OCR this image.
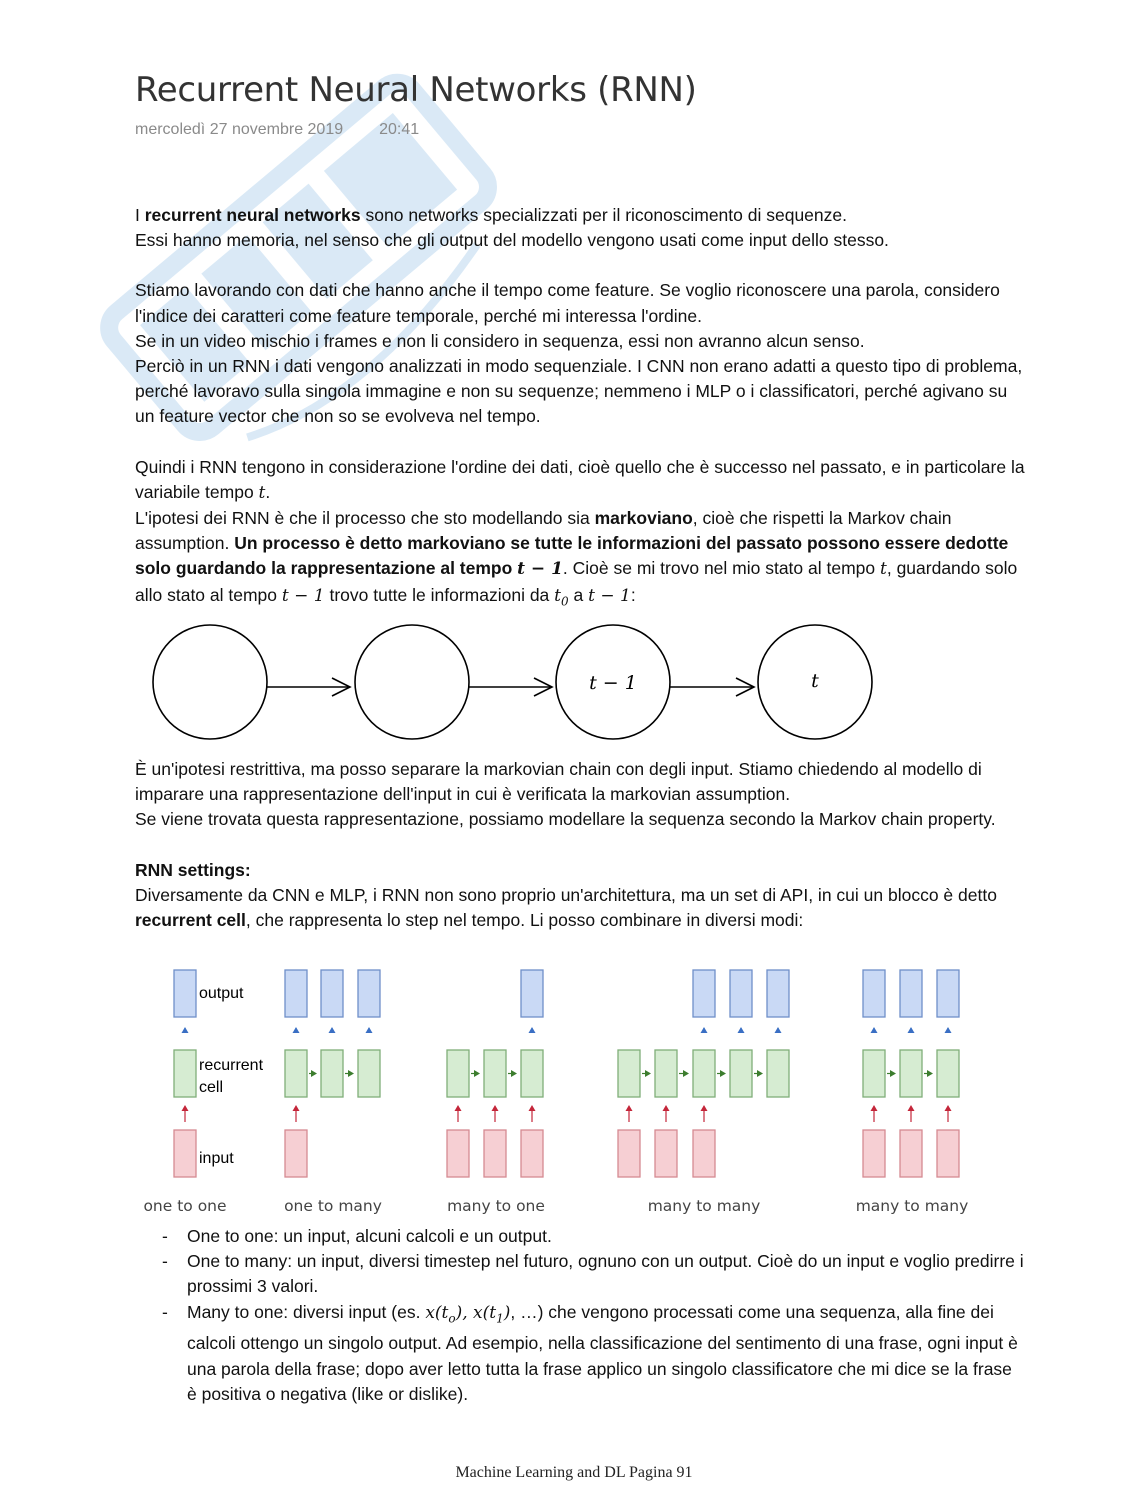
Recurrent Neural Networks (RNN)
mercoledì 27 novembre 2019 20:41

I recurrent neural networks sono networks specializzati per il riconoscimento di sequenze.

Essi hanno memoria, nel senso che gli output del modello vengono usati come input dello stesso.

Stiamo lavorando con dati che hanno anche il tempo come feature. Se voglio riconoscere una parola, considero l'indice dei caratteri come feature temporale, perché mi interessa l'ordine.

Se in un video mischio i frames e non li considero in sequenza, essi non avranno alcun senso.

Perciò in un RNN i dati vengono analizzati in modo sequenziale. I CNN non erano adatti a questo tipo di problema, perché lavoravo sulla singola immagine e non su sequenze; nemmeno i MLP o i classificatori, perché agivano su un feature vector che non so se evolveva nel tempo.

Quindi i RNN tengono in considerazione l'ordine dei dati, cioè quello che è successo nel passato, e in particolare la variabile tempo t.

L'ipotesi dei RNN è che il processo che sto modellando sia markoviano, cioè che rispetti la Markov chain assumption. Un processo è detto markoviano se tutte le informazioni del passato possono essere dedotte solo guardando la rappresentazione al tempo t − 1. Cioè se mi trovo nel mio stato al tempo t, guardando solo allo stato al tempo t − 1 trovo tutte le informazioni da $t_0$ a t − 1:

t − 1	t

È un'ipotesi restrittiva, ma posso separare la markovian chain con degli input. Stiamo chiedendo al modello di imparare una rappresentazione dell'input in cui è verificata la markovian assumption.

Se viene trovata questa rappresentazione, possiamo modellare la sequenza secondo la Markov chain property.

RNN settings:

Diversamente da CNN e MLP, i RNN non sono proprio un'architettura, ma un set di API, in cui un blocco è detto recurrent cell, che rappresenta lo step nel tempo. Li posso combinare in diversi modi:

output
recurrent
cell
input
one to one	one to many	many to one	many to many	many to many
- One to one: un input, alcuni calcoli e un output.
- One to many: un input, diversi timestep nel futuro, ognuno con un output. Cioè do un input e voglio predirre i prossimi 3 valori.
- Many to one: diversi input (es. $x(t_o)$, $x(t_1)$, …) che vengono processati come una sequenza, alla fine dei calcoli ottengo un singolo output. Ad esempio, nella classificazione del sentimento di una frase, ogni input è una parola della frase; dopo aver letto tutta la frase applico un singolo classificatore che mi dice se la frase è positiva o negativa (like or dislike).
Machine Learning and DL Pagina 91
